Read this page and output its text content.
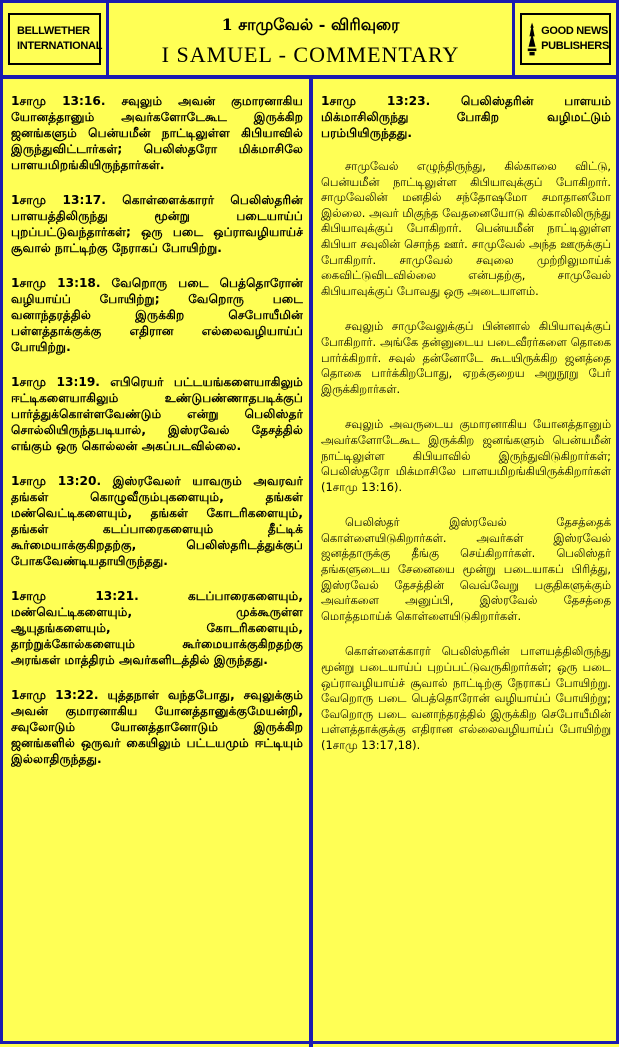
BELLWETHER
INTERNATIONAL
1 சாமுவேல் - விரிவுரை
I SAMUEL - COMMENTARY
GOOD NEWS
PUBLISHERS

1சாமு 13:16. சவுலும் அவன் குமாரனாகிய யோனத்தானும் அவர்களோடேகூட இருக்கிற ஜனங்களும் பென்யமீன் நாட்டிலுள்ள கிபியாவில் இருந்துவிட்டார்கள்; பெலிஸ்தரோ மிக்மாசிலே பாளயமிறங்கியிருந்தார்கள்.

1சாமு 13:17. கொள்ளைக்காரர் பெலிஸ்தரின் பாளயத்திலிருந்து மூன்று படையாய்ப் புறப்பட்டுவந்தார்கள்; ஒரு படை ஒப்ராவழியாய்ச் சூவால் நாட்டிற்கு நேராகப் போயிற்று.

1சாமு 13:18. வேறொரு படை பெத்தொரோன் வழியாய்ப் போயிற்று; வேறொரு படை வனாந்தரத்தில் இருக்கிற செபோயீமின் பள்ளத்தாக்குக்கு எதிரான எல்லைவழியாய்ப் போயிற்று.

1சாமு 13:19. எபிரெயர் பட்டயங்களையாகிலும் ஈட்டிகளையாகிலும் உண்டுபண்ணாதபடிக்குப் பார்த்துக்கொள்ளவேண்டும் என்று பெலிஸ்தர் சொல்லியிருந்தபடியால், இஸ்ரவேல் தேசத்தில் எங்கும் ஒரு கொல்லன் அகப்படவில்லை.

1சாமு 13:20. இஸ்ரவேலர் யாவரும் அவரவர் தங்கள் கொழுவீரும்புகளையும், தங்கள் மண்வெட்டிகளையும், தங்கள் கோடரிகளையும், தங்கள் கடப்பாரைகளையும் தீட்டிக் கூர்மையாக்குகிறதற்கு, பெலிஸ்தரிடத்துக்குப் போகவேண்டியதாயிருந்தது.

1சாமு 13:21. கடப்பாரைகளையும், மண்வெட்டிகளையும், முக்கூருள்ள ஆயுதங்களையும், கோடரிகளையும், தாற்றுக்கோல்களையும் கூர்மையாக்குகிறதற்கு அரங்கள் மாத்திரம் அவர்களிடத்தில் இருந்தது.

1சாமு 13:22. யுத்தநாள் வந்தபோது, சவுலுக்கும் அவன் குமாரனாகிய யோனத்தானுக்குமேயன்றி, சவுலோடும் யோனத்தானோடும் இருக்கிற ஜனங்களில் ஒருவர் கையிலும் பட்டயமும் ஈட்டியும் இல்லாதிருந்தது.

1சாமு 13:23. பெலிஸ்தரின் பாளயம் மிக்மாசிலிருந்து போகிற வழிமட்டும் பரம்பியிருந்தது.

சாமுவேல் எழுந்திருந்து, கில்காலை விட்டு, பென்யமீன் நாட்டிலுள்ள கிபியாவுக்குப் போகிறார். சாமுவேலின் மனதில் சந்தோஷமோ சமாதானமோ இல்லை. அவர் மிகுந்த வேதனையோடு கில்காலிலிருந்து கிபியாவுக்குப் போகிறார். பென்யமீன் நாட்டிலுள்ள கிபியா சவுலின் சொந்த ஊர். சாமுவேல் அந்த ஊருக்குப் போகிறார். சாமுவேல் சவுலை முற்றிலுமாய்க் கைவிட்டுவிடவில்லை என்பதற்கு, சாமுவேல் கிபியாவுக்குப் போவது ஒரு அடையாளம்.

சவுலும் சாமுவேலுக்குப் பின்னால் கிபியாவுக்குப் போகிறார். அங்கே தன்னுடைய படைவீரர்களை தொகை பார்க்கிறார். சவுல் தன்னோடே கூடயிருக்கிற ஜனத்தை தொகை பார்க்கிறபோது, ஏறக்குறைய அறுநூறு பேர் இருக்கிறார்கள்.

சவுலும் அவருடைய குமாரனாகிய யோனத்தானும் அவர்களோடேகூட இருக்கிற ஜனங்களும் பென்யமீன் நாட்டிலுள்ள கிபியாவில் இருந்துவிடுகிறார்கள்; பெலிஸ்தரோ மிக்மாசிலே பாளயமிறங்கியிருக்கிறார்கள் (1சாமு 13:16).

பெலிஸ்தர் இஸ்ரவேல் தேசத்தைக் கொள்ளையிடுகிறார்கள். அவர்கள் இஸ்ரவேல் ஜனத்தாருக்கு தீங்கு செய்கிறார்கள். பெலிஸ்தர் தங்களுடைய சேனையை மூன்று படையாகப் பிரித்து, இஸ்ரவேல் தேசத்தின் வெவ்வேறு பகுதிகளுக்கும் அவர்களை அனுப்பி, இஸ்ரவேல் தேசத்தை மொத்தமாய்க் கொள்ளையிடுகிறார்கள்.

கொள்ளைக்காரர் பெலிஸ்தரின் பாளயத்திலிருந்து மூன்று படையாய்ப் புறப்பட்டுவருகிறார்கள்; ஒரு படை ஒப்ராவழியாய்ச் சூவால் நாட்டிற்கு நேராகப் போயிற்று. வேறொரு படை பெத்தொரோன் வழியாய்ப் போயிற்று; வேறொரு படை வனாந்தரத்தில் இருக்கிற செபோயீமின் பள்ளத்தாக்குக்கு எதிரான எல்லைவழியாய்ப் போயிற்று (1சாமு 13:17,18).
